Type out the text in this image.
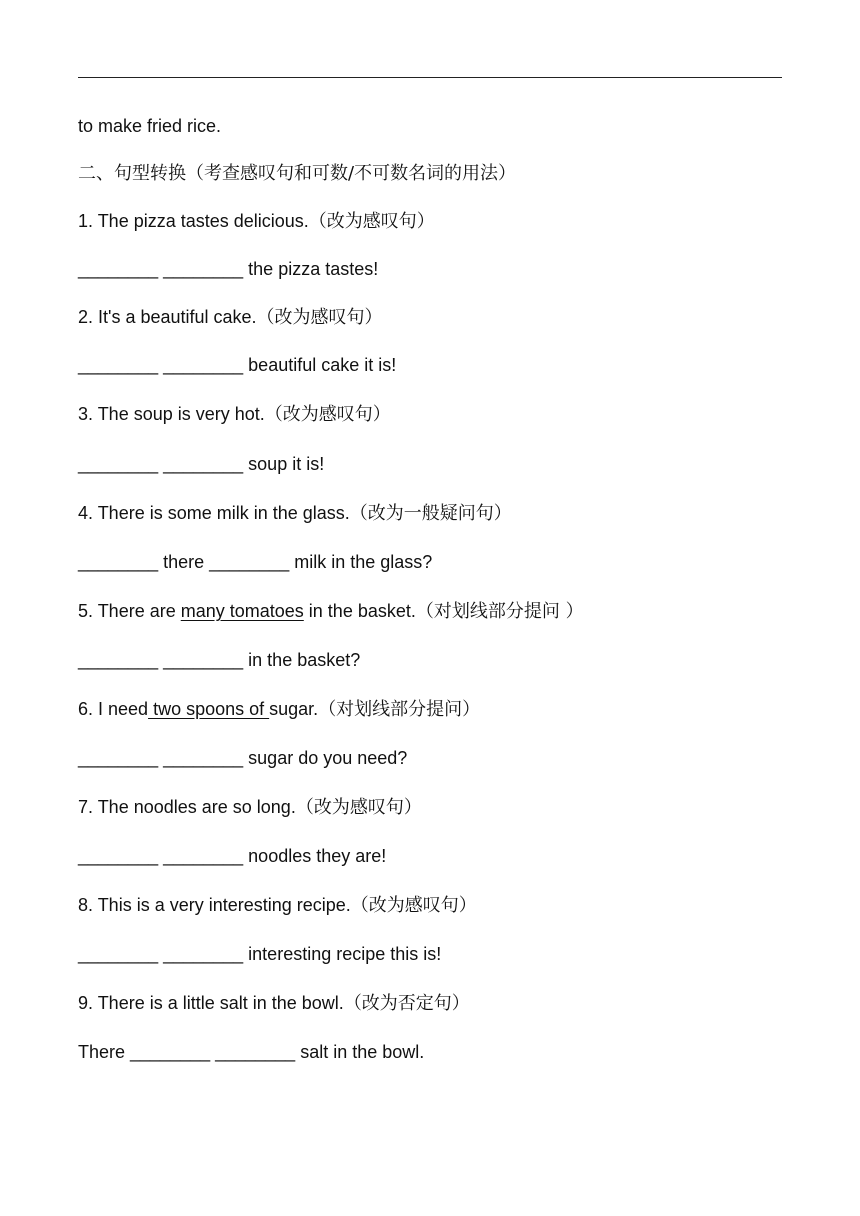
to make fried rice.
二、句型转换（考查感叹句和可数/不可数名词的用法）
1. The pizza tastes delicious.（改为感叹句）
________ ________ the pizza tastes!
2. It's a beautiful cake.（改为感叹句）
________ ________ beautiful cake it is!
3. The soup is very hot.（改为感叹句）
________ ________ soup it is!
4. There is some milk in the glass.（改为一般疑问句）
________ there ________ milk in the glass?
5. There are many tomatoes in the basket.（对划线部分提问 ）
________ ________ in the basket?
6. I need two spoons of sugar.（对划线部分提问）
________ ________ sugar do you need?
7. The noodles are so long.（改为感叹句）
________ ________ noodles they are!
8. This is a very interesting recipe.（改为感叹句）
________ ________ interesting recipe this is!
9. There is a little salt in the bowl.（改为否定句）
There ________ ________ salt in the bowl.
